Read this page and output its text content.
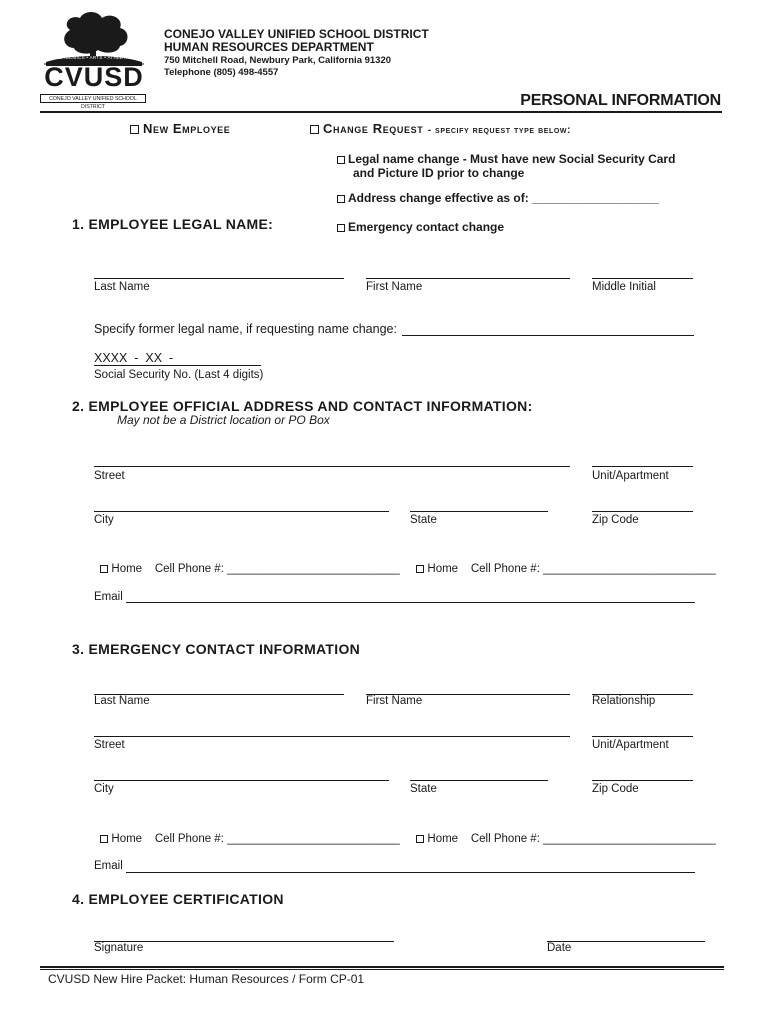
ACADEMICS • ARTS • ATHLETICS
CVUSD
CONEJO VALLEY UNIFIED SCHOOL DISTRICT
CONEJO VALLEY UNIFIED SCHOOL DISTRICT
HUMAN RESOURCES DEPARTMENT
750 Mitchell Road, Newbury Park, California 91320
Telephone (805) 498-4557
PERSONAL INFORMATION
New Employee	Change Request - specify request type below:
Legal name change - Must have new Social Security Card
and Picture ID prior to change
Address change effective as of: ___________________
Emergency contact change
1. EMPLOYEE LEGAL NAME:
Last Name	First Name	Middle Initial
Specify former legal name, if requesting name change:
XXXX  -  XX  -
Social Security No. (Last 4 digits)
2. EMPLOYEE OFFICIAL ADDRESS AND CONTACT INFORMATION:
May not be a District location or PO Box
Street	Unit/Apartment
City	State	Zip Code

Home    Cell Phone #: ___________________________	Home    Cell Phone #: ___________________________

Email
3. EMERGENCY CONTACT INFORMATION
Last Name	First Name	Relationship
Street	Unit/Apartment
City	State	Zip Code

Home    Cell Phone #: ___________________________	Home    Cell Phone #: ___________________________

Email
4. EMPLOYEE CERTIFICATION
Signature	Date
CVUSD New Hire Packet: Human Resources / Form CP-01
